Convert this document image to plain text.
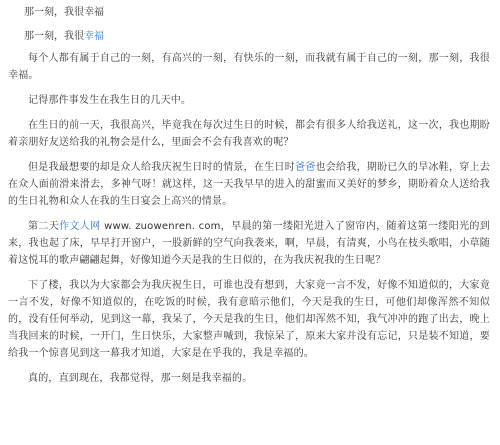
那一刻，我很幸福
那一刻，我很幸福

每个人都有属于自己的一刻，有高兴的一刻，有快乐的一刻，而我就有属于自己的一刻，那一刻，我很幸福。

记得那件事发生在我生日的几天中。

在生日的前一天，我很高兴，毕竟我在每次过生日的时候，都会有很多人给我送礼，这一次，我也期盼着亲朋好友送给我的礼物会是什么，里面会不会有我喜欢的呢？

但是我最想要的却是众人给我庆祝生日时的情景，在生日时爸爸也会给我，期盼已久的旱冰鞋，穿上去在众人面前滑来滑去，多神气呀！就这样，这一天我早早的进入的甜蜜而又美好的梦乡，期盼着众人送给我的生日礼物和众人在我的生日宴会上高兴的情景。

第二天作文人网 www. zuowenren. com，早晨的第一缕阳光进入了窗帘内，随着这第一缕阳光的到来，我也起了床，早早打开窗户，一股新鲜的空气向我袭来，啊，早晨，有清爽，小鸟在枝头歌唱，小草随着这悦耳的歌声翩翩起舞，好像知道今天是我的生日似的，在为我庆祝我的生日呢？

下了楼，我以为大家都会为我庆祝生日，可谁也没有想到，大家竟一言不发，好像不知道似的，大家竟一言不发，好像不知道似的，在吃饭的时候，我有意暗示他们，今天是我的生日，可他们却像浑然不知似的，没有任何举动，见到这一幕，我呆了，今天是我的生日，他们却浑然不知，我气冲冲的跑了出去，晚上当我回来的时候，一开门，生日快乐，大家整声喊到，我惊呆了，原来大家并没有忘记，只是装不知道，要给我一个惊喜见到这一幕我才知道，大家是在乎我的，我是幸福的。

真的，直到现在，我都觉得，那一刻是我幸福的。
